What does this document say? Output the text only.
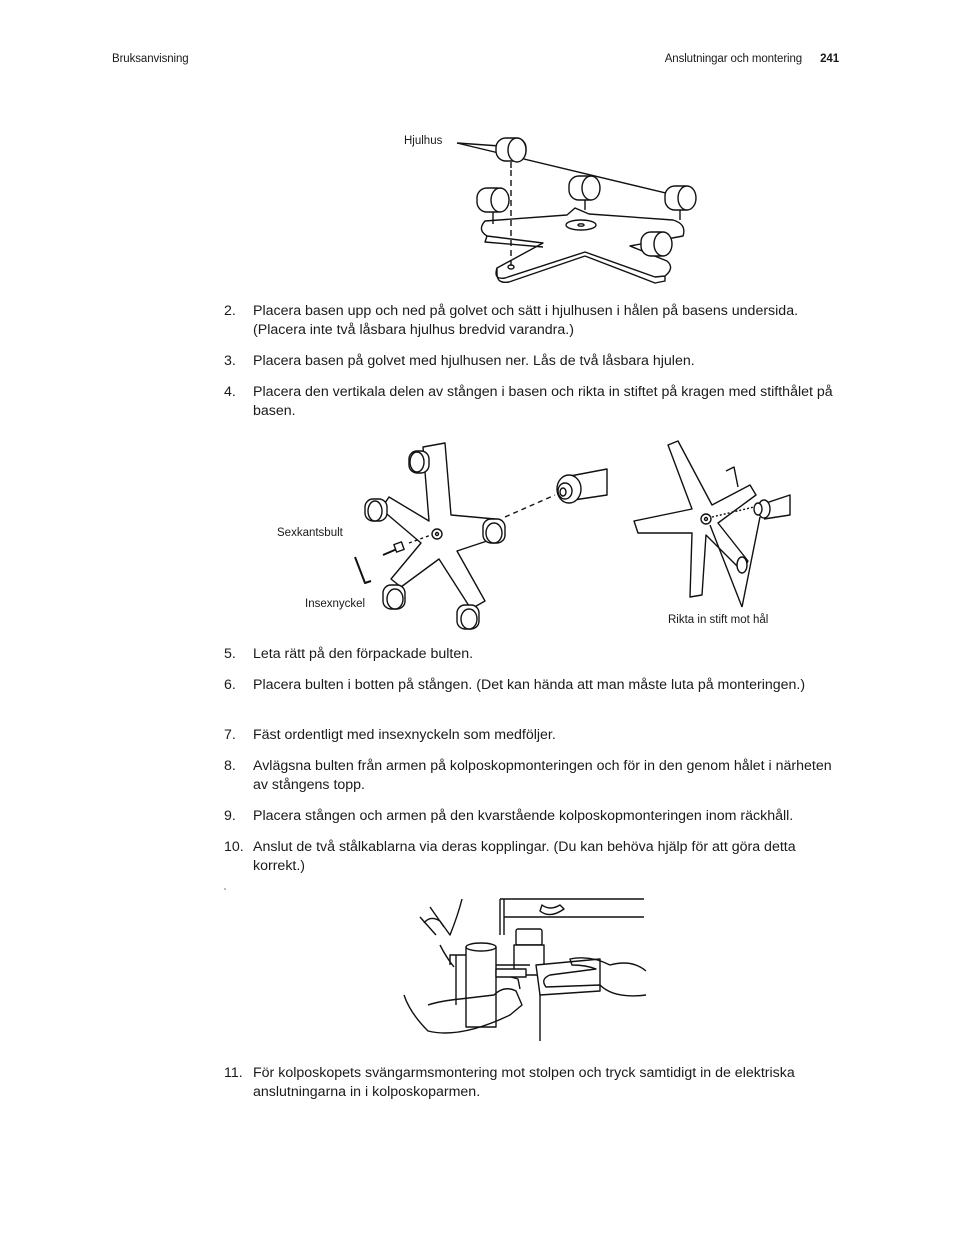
Bruksanvisning	Anslutningar och montering 241
Hjulhus
2. Placera basen upp och ned på golvet och sätt i hjulhusen i hålen på basens undersida. (Placera inte två låsbara hjulhus bredvid varandra.)
3. Placera basen på golvet med hjulhusen ner. Lås de två låsbara hjulen.
4. Placera den vertikala delen av stången i basen och rikta in stiftet på kragen med stifthålet på basen.
Sexkantsbult
Insexnyckel
Rikta in stift mot hål
5. Leta rätt på den förpackade bulten.
6. Placera bulten i botten på stången. (Det kan hända att man måste luta på monteringen.)
7. Fäst ordentligt med insexnyckeln som medföljer.
8. Avlägsna bulten från armen på kolposkopmonteringen och för in den genom hålet i närheten av stångens topp.
9. Placera stången och armen på den kvarstående kolposkopmonteringen inom räckhåll.
10. Anslut de två stålkablarna via deras kopplingar. (Du kan behöva hjälp för att göra detta korrekt.)
11. För kolposkopets svängarmsmontering mot stolpen och tryck samtidigt in de elektriska anslutningarna in i kolposkoparmen.
